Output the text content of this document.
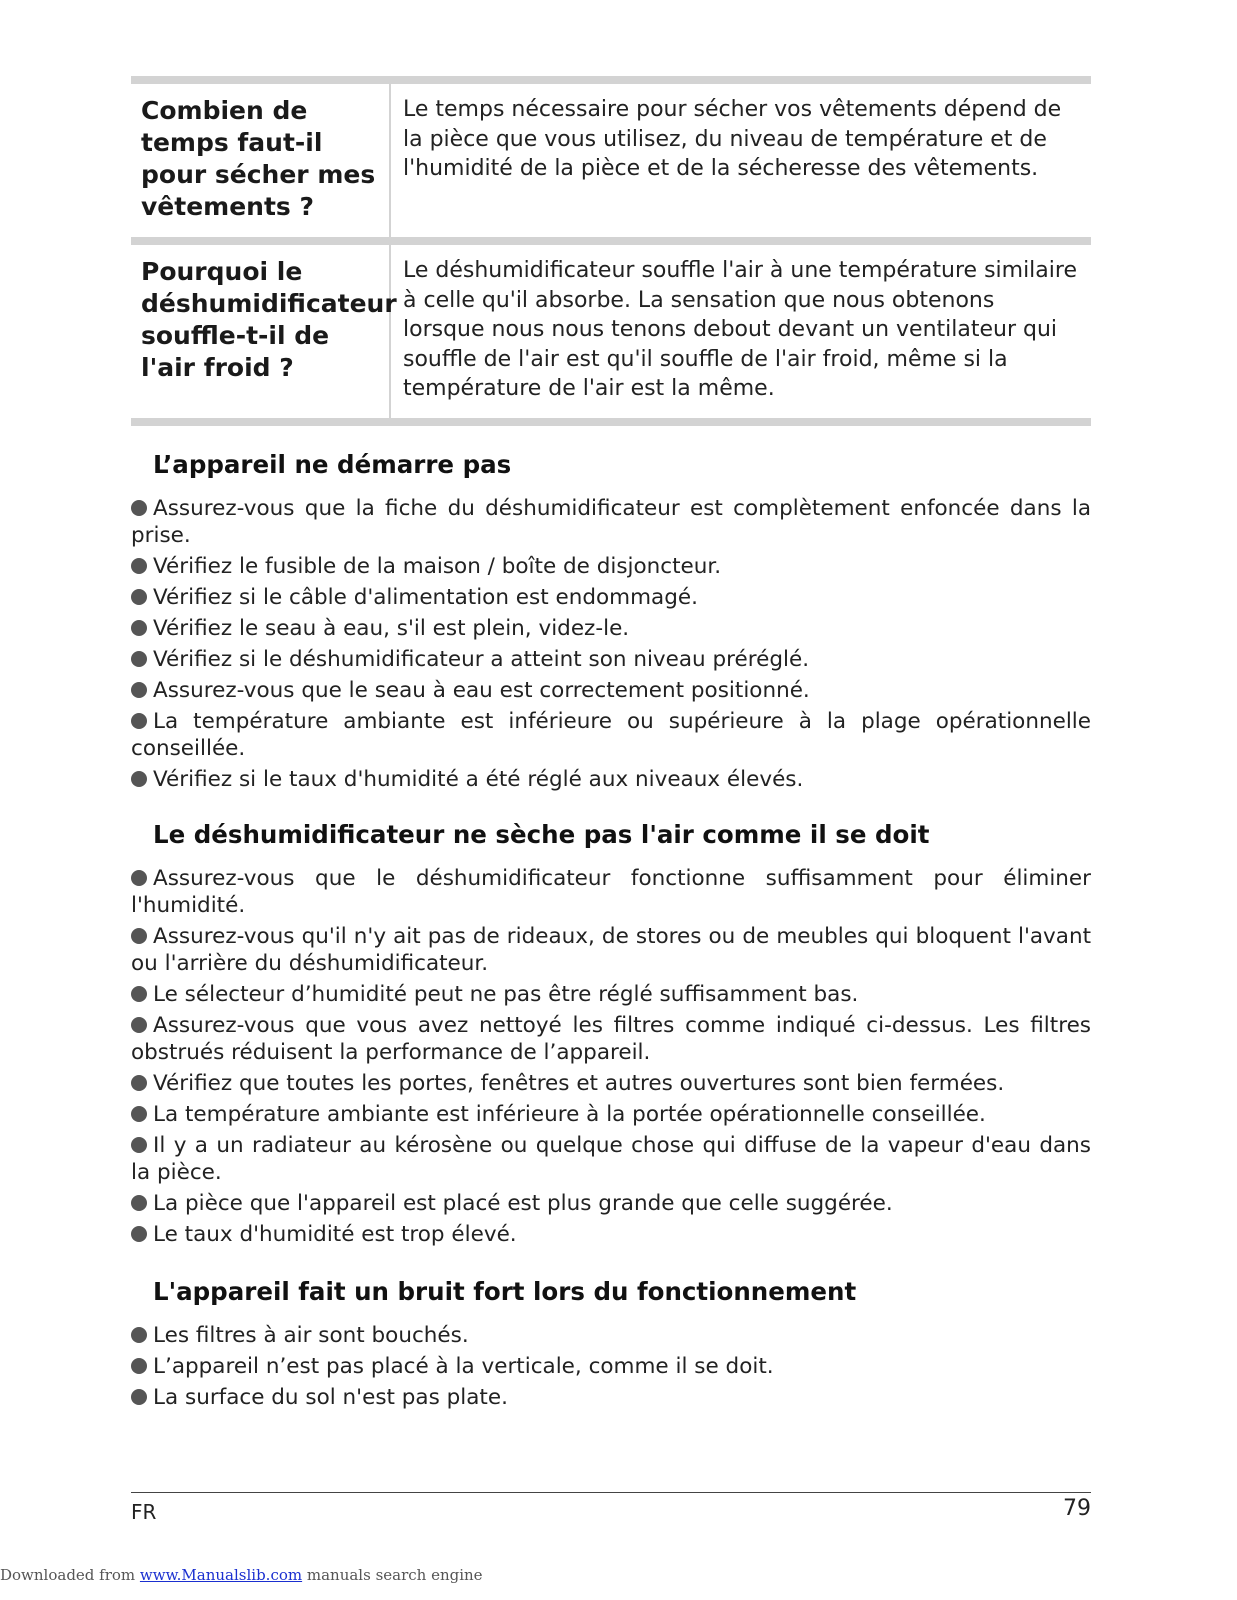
Combien de temps faut-il pour sécher mes vêtements ?
Le temps nécessaire pour sécher vos vêtements dépend de la pièce que vous utilisez, du niveau de température et de l'humidité de la pièce et de la sécheresse des vêtements.
Pourquoi le déshumidificateur souffle-t-il de l'air froid ?
Le déshumidificateur souffle l'air à une température similaire à celle qu'il absorbe. La sensation que nous obtenons lorsque nous nous tenons debout devant un ventilateur qui souffle de l'air est qu'il souffle de l'air froid, même si la température de l'air est la même.
L’appareil ne démarre pas
Assurez-vous que la fiche du déshumidificateur est complètement enfoncée dans la prise.
Vérifiez le fusible de la maison / boîte de disjoncteur.
Vérifiez si le câble d'alimentation est endommagé.
Vérifiez le seau à eau, s'il est plein, videz-le.
Vérifiez si le déshumidificateur a atteint son niveau préréglé.
Assurez-vous que le seau à eau est correctement positionné.
La température ambiante est inférieure ou supérieure à la plage opérationnelle conseillée.
Vérifiez si le taux d'humidité a été réglé aux niveaux élevés.
Le déshumidificateur ne sèche pas l'air comme il se doit
Assurez-vous que le déshumidificateur fonctionne suffisamment pour éliminer l'humidité.
Assurez-vous qu'il n'y ait pas de rideaux, de stores ou de meubles qui bloquent l'avant ou l'arrière du déshumidificateur.
Le sélecteur d’humidité peut ne pas être réglé suffisamment bas.
Assurez-vous que vous avez nettoyé les filtres comme indiqué ci-dessus. Les filtres obstrués réduisent la performance de l’appareil.
Vérifiez que toutes les portes, fenêtres et autres ouvertures sont bien fermées.
La température ambiante est inférieure à la portée opérationnelle conseillée.
Il y a un radiateur au kérosène ou quelque chose qui diffuse de la vapeur d'eau dans la pièce.
La pièce que l'appareil est placé est plus grande que celle suggérée.
Le taux d'humidité est trop élevé.
L'appareil fait un bruit fort lors du fonctionnement
Les filtres à air sont bouchés.
L’appareil n’est pas placé à la verticale, comme il se doit.
La surface du sol n'est pas plate.
FR	79
Downloaded from www.Manualslib.com manuals search engine
